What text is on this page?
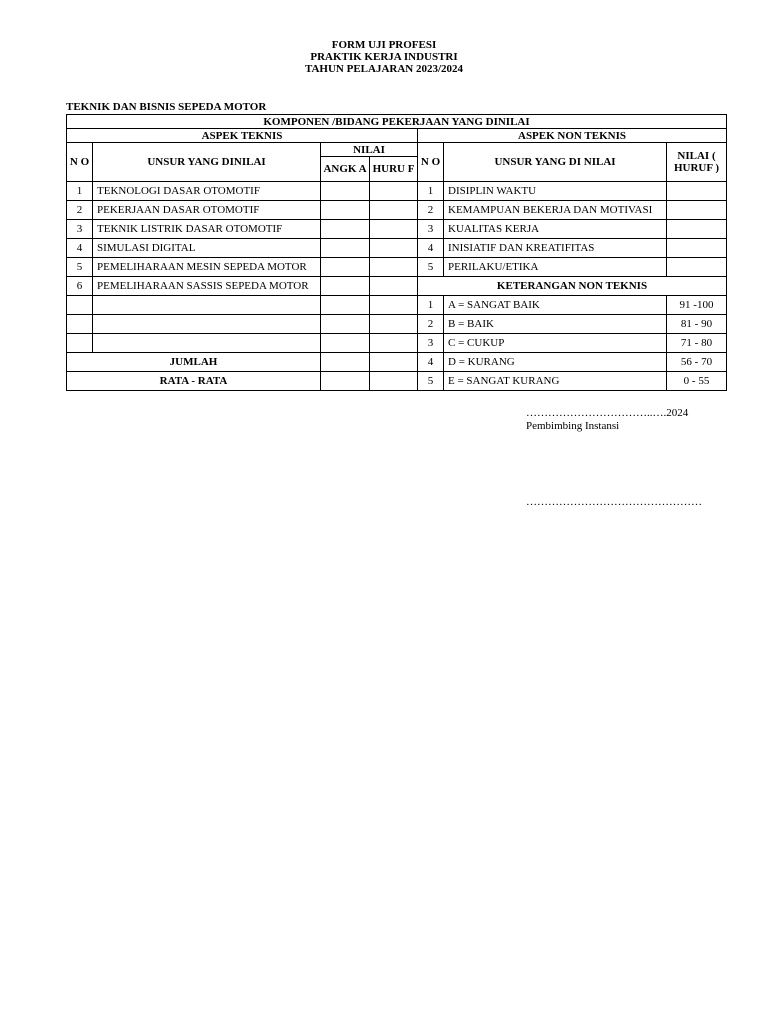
FORM UJI PROFESI
PRAKTIK KERJA INDUSTRI
TAHUN PELAJARAN 2023/2024
TEKNIK DAN BISNIS SEPEDA MOTOR
KOMPONEN /BIDANG PEKERJAAN YANG DINILAI						
ASPEK TEKNIS				ASPEK NON TEKNIS		
N O	UNSUR YANG DINILAI	NILAI		N O	UNSUR YANG DI NILAI	NILAI ( HURUF )
		ANGK A	HURU F			
1	TEKNOLOGI DASAR OTOMOTIF			1	DISIPLIN WAKTU	
2	PEKERJAAN DASAR OTOMOTIF			2	KEMAMPUAN BEKERJA DAN MOTIVASI	
3	TEKNIK LISTRIK DASAR OTOMOTIF			3	KUALITAS KERJA	
4	SIMULASI DIGITAL			4	INISIATIF DAN KREATIFITAS	
5	PEMELIHARAAN MESIN SEPEDA MOTOR			5	PERILAKU/ETIKA	
6	PEMELIHARAAN SASSIS SEPEDA MOTOR			KETERANGAN NON TEKNIS		
				1	A = SANGAT BAIK	91 -100
				2	B = BAIK	81 - 90
				3	C = CUKUP	71 - 80
JUMLAH				4	D = KURANG	56 - 70
RATA - RATA				5	E = SANGAT KURANG	0 - 55
……………………………..….2024
Pembimbing Instansi
…………………………………………
